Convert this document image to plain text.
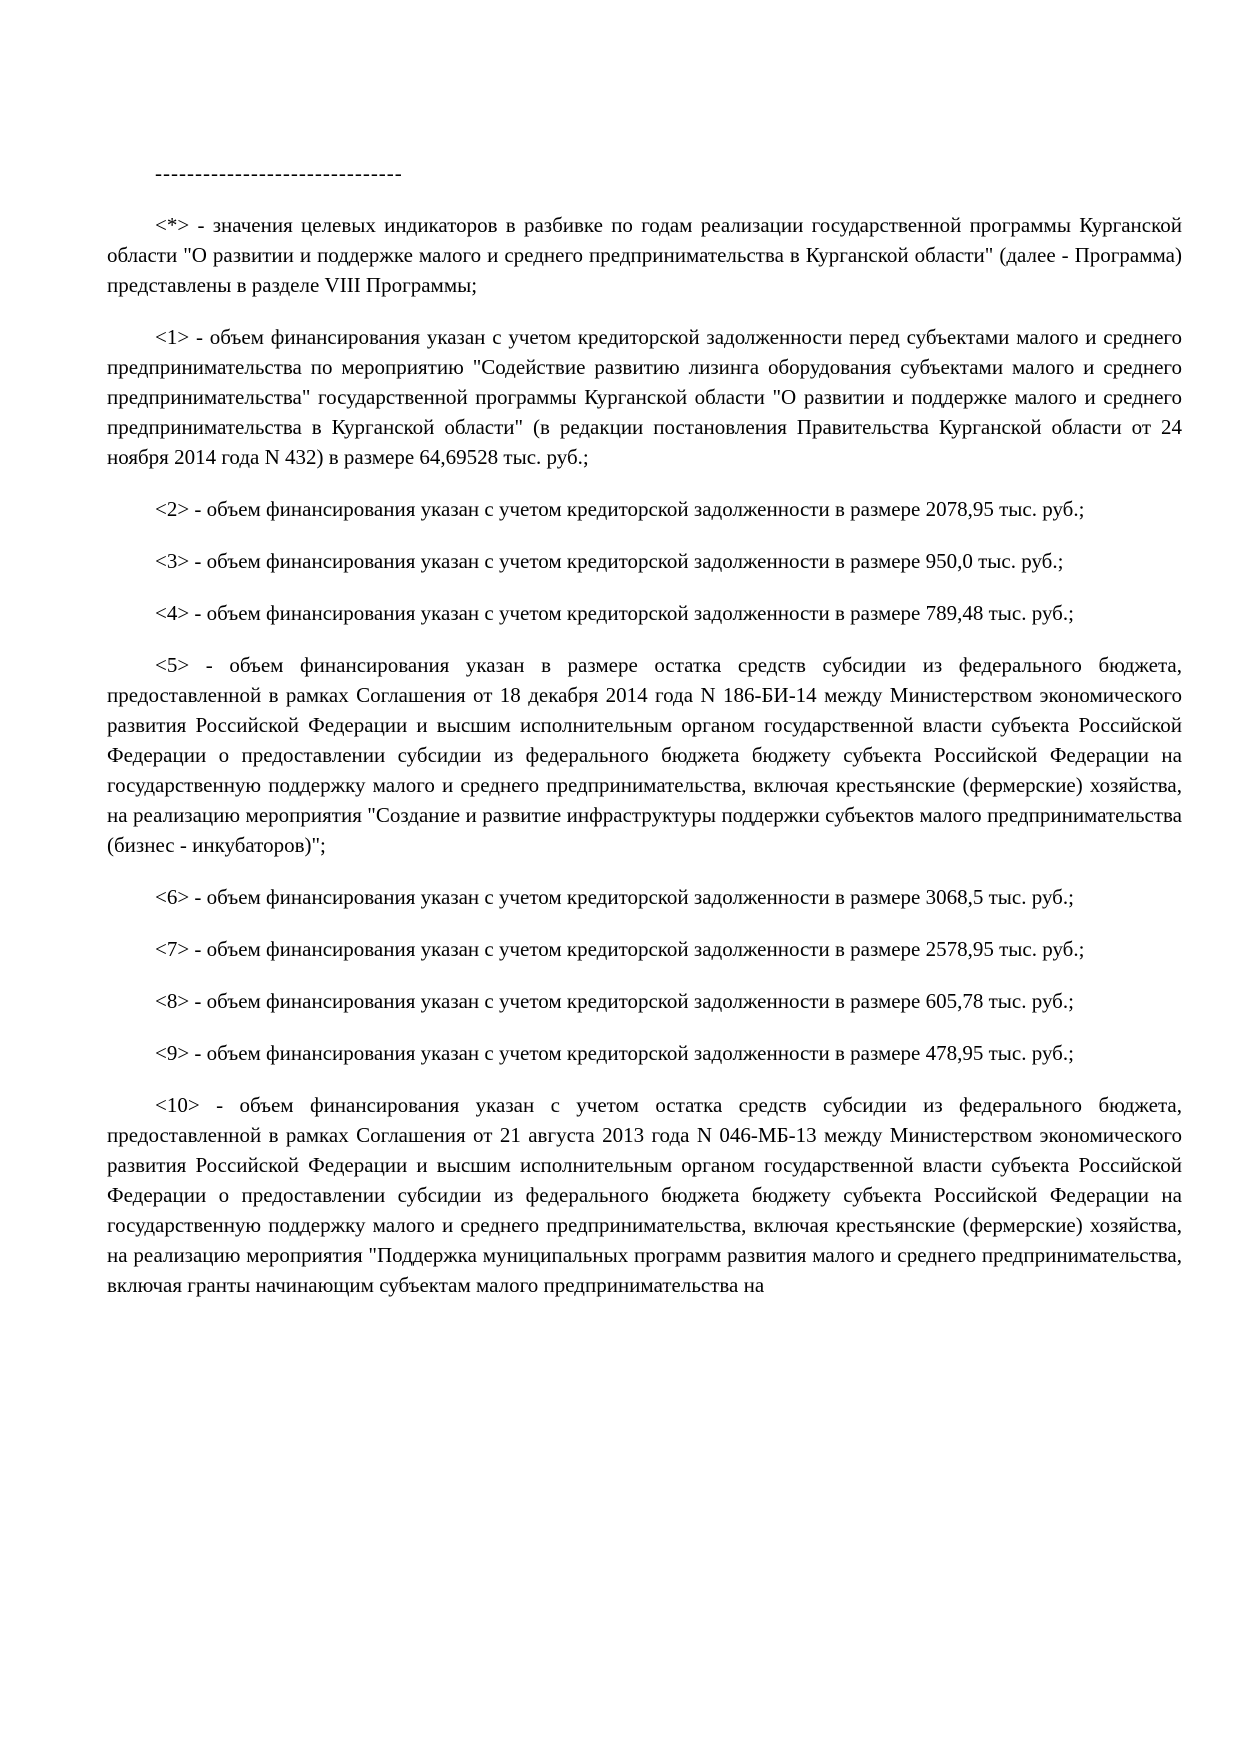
-------------------------------

<*> - значения целевых индикаторов в разбивке по годам реализации государственной программы Курганской области "О развитии и поддержке малого и среднего предпринимательства в Курганской области" (далее - Программа) представлены в разделе VIII Программы;

<1> - объем финансирования указан с учетом кредиторской задолженности перед субъектами малого и среднего предпринимательства по мероприятию "Содействие развитию лизинга оборудования субъектами малого и среднего предпринимательства" государственной программы Курганской области "О развитии и поддержке малого и среднего предпринимательства в Курганской области" (в редакции постановления Правительства Курганской области от 24 ноября 2014 года N 432) в размере 64,69528 тыс. руб.;

<2> - объем финансирования указан с учетом кредиторской задолженности в размере 2078,95 тыс. руб.;

<3> - объем финансирования указан с учетом кредиторской задолженности в размере 950,0 тыс. руб.;

<4> - объем финансирования указан с учетом кредиторской задолженности в размере 789,48 тыс. руб.;

<5> - объем финансирования указан в размере остатка средств субсидии из федерального бюджета, предоставленной в рамках Соглашения от 18 декабря 2014 года N 186-БИ-14 между Министерством экономического развития Российской Федерации и высшим исполнительным органом государственной власти субъекта Российской Федерации о предоставлении субсидии из федерального бюджета бюджету субъекта Российской Федерации на государственную поддержку малого и среднего предпринимательства, включая крестьянские (фермерские) хозяйства, на реализацию мероприятия "Создание и развитие инфраструктуры поддержки субъектов малого предпринимательства (бизнес - инкубаторов)";

<6> - объем финансирования указан с учетом кредиторской задолженности в размере 3068,5 тыс. руб.;

<7> - объем финансирования указан с учетом кредиторской задолженности в размере 2578,95 тыс. руб.;

<8> - объем финансирования указан с учетом кредиторской задолженности в размере 605,78 тыс. руб.;

<9> - объем финансирования указан с учетом кредиторской задолженности в размере 478,95 тыс. руб.;

<10> - объем финансирования указан с учетом остатка средств субсидии из федерального бюджета, предоставленной в рамках Соглашения от 21 августа 2013 года N 046-МБ-13 между Министерством экономического развития Российской Федерации и высшим исполнительным органом государственной власти субъекта Российской Федерации о предоставлении субсидии из федерального бюджета бюджету субъекта Российской Федерации на государственную поддержку малого и среднего предпринимательства, включая крестьянские (фермерские) хозяйства, на реализацию мероприятия "Поддержка муниципальных программ развития малого и среднего предпринимательства, включая гранты начинающим субъектам малого предпринимательства на
